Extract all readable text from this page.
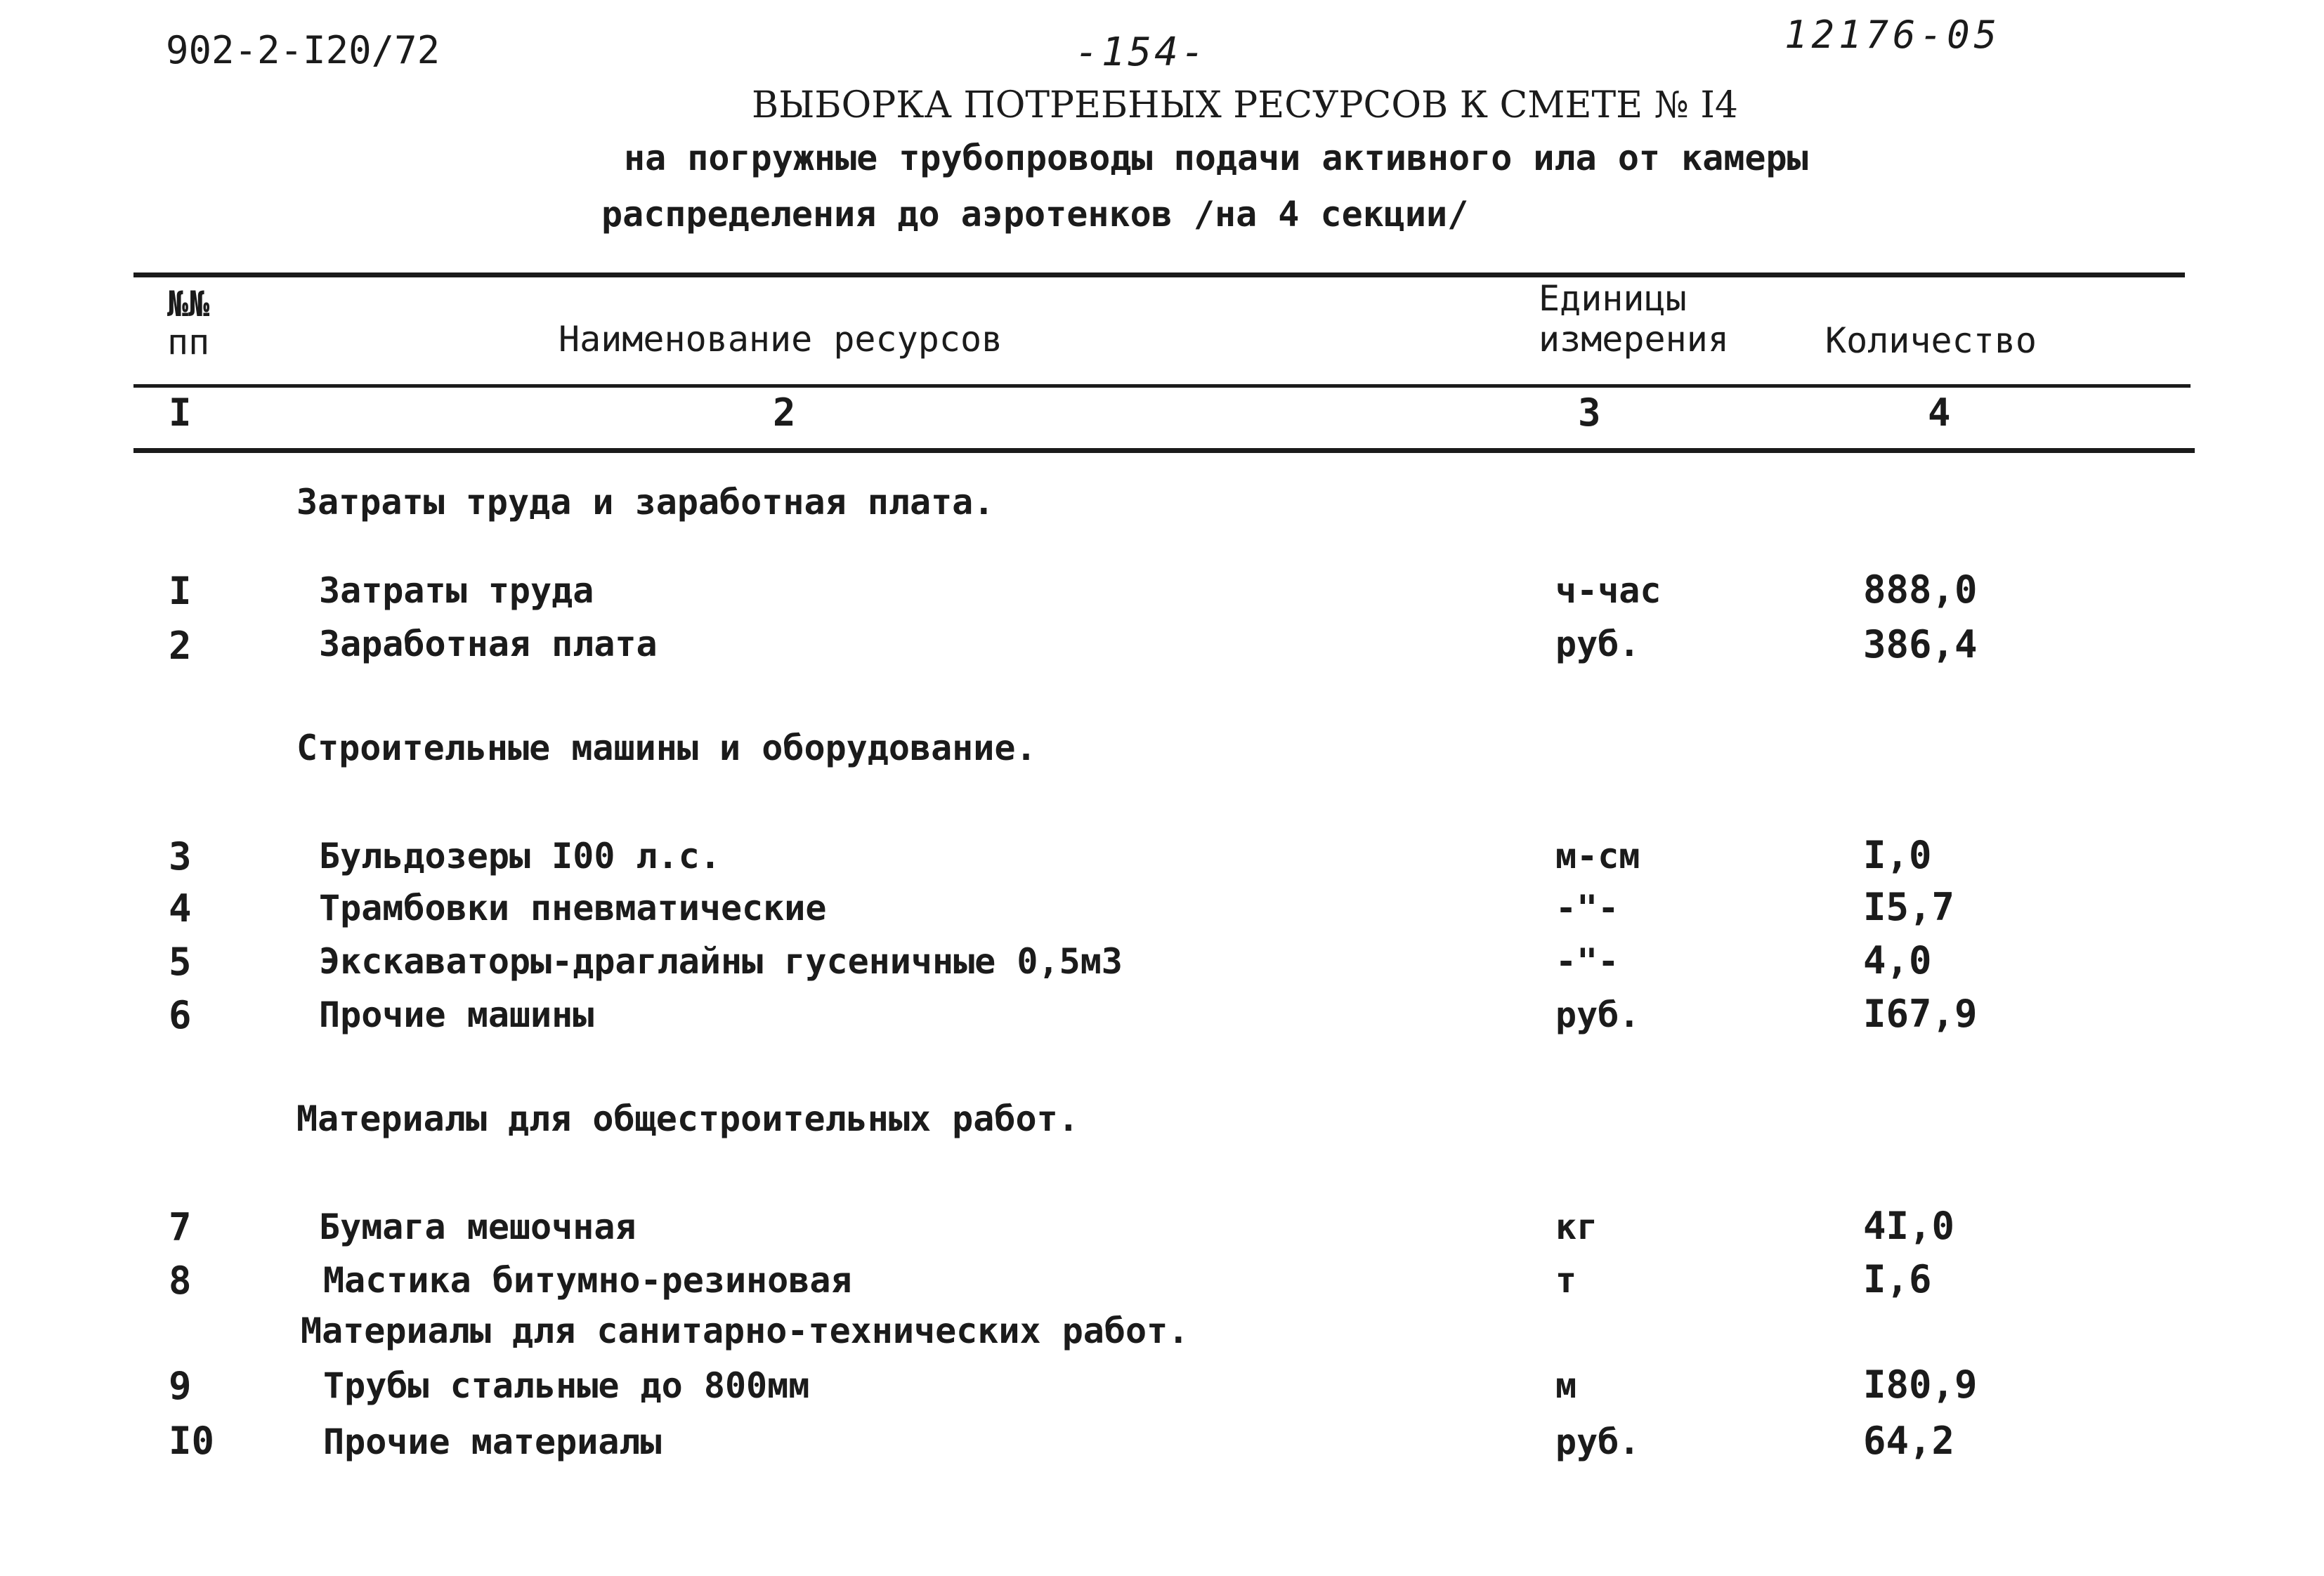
902-2-I20/72	-154-	12176-05
ВЫБОРКА ПОТРЕБНЫХ РЕСУРСОВ К СМЕТЕ № I4
на погружные трубопроводы подачи активного ила от камеры
распределения до аэротенков /на 4 секции/
№№
пп	Наименование ресурсов
Единицы
измерения	Количество
I	2	3	4
Затраты труда и заработная плата.
I	Затраты труда	ч-час	888,0
2	Заработная плата	руб.	386,4
Строительные машины и оборудование.
3	Бульдозеры I00 л.с.	м-см	I,0
4	Трамбовки пневматические	-"-	I5,7
5	Экскаваторы-драглайны гусеничные 0,5м3	-"-	4,0
6	Прочие машины	руб.	I67,9
Материалы для общестроительных работ.
7	Бумага мешочная	кг	4I,0
8	Мастика битумно-резиновая	т	I,6
Материалы для санитарно-технических работ.
9	Трубы стальные до 800мм	м	I80,9
I0	Прочие материалы	руб.	64,2
